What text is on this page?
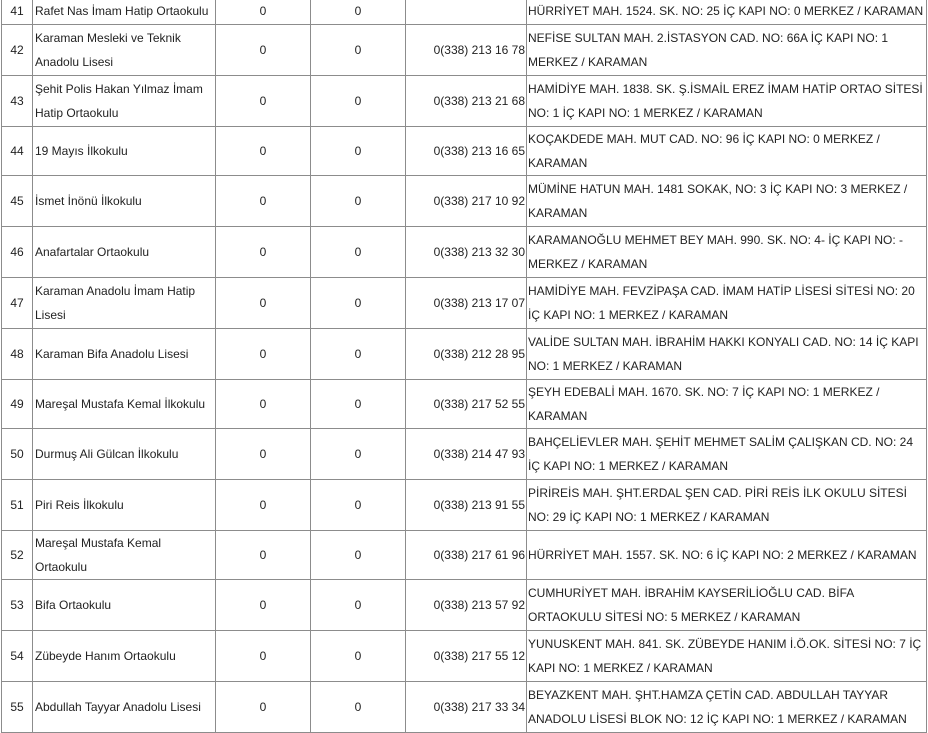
41	Rafet Nas İmam Hatip Ortaokulu	0	0		HÜRRİYET MAH. 1524. SK. NO: 25 İÇ KAPI NO: 0 MERKEZ / KARAMAN
42	Karaman Mesleki ve Teknik Anadolu Lisesi	0	0	0(338) 213 16 78	NEFİSE SULTAN MAH. 2.İSTASYON CAD. NO: 66A İÇ KAPI NO: 1 MERKEZ / KARAMAN
43	Şehit Polis Hakan Yılmaz İmam Hatip Ortaokulu	0	0	0(338) 213 21 68	HAMİDİYE MAH. 1838. SK. Ş.İSMAİL EREZ İMAM HATİP ORTAO SİTESİ NO: 1 İÇ KAPI NO: 1 MERKEZ / KARAMAN
44	19 Mayıs İlkokulu	0	0	0(338) 213 16 65	KOÇAKDEDE MAH. MUT CAD. NO: 96 İÇ KAPI NO: 0 MERKEZ / KARAMAN
45	İsmet İnönü İlkokulu	0	0	0(338) 217 10 92	MÜMİNE HATUN MAH. 1481 SOKAK, NO: 3 İÇ KAPI NO: 3 MERKEZ / KARAMAN
46	Anafartalar Ortaokulu	0	0	0(338) 213 32 30	KARAMANOĞLU MEHMET BEY MAH. 990. SK. NO: 4- İÇ KAPI NO: - MERKEZ / KARAMAN
47	Karaman Anadolu İmam Hatip Lisesi	0	0	0(338) 213 17 07	HAMİDİYE MAH. FEVZİPAŞA CAD. İMAM HATİP LİSESİ SİTESİ NO: 20 İÇ KAPI NO: 1 MERKEZ / KARAMAN
48	Karaman Bifa Anadolu Lisesi	0	0	0(338) 212 28 95	VALİDE SULTAN MAH. İBRAHİM HAKKI KONYALI CAD. NO: 14 İÇ KAPI NO: 1 MERKEZ / KARAMAN
49	Mareşal Mustafa Kemal İlkokulu	0	0	0(338) 217 52 55	ŞEYH EDEBALİ MAH. 1670. SK. NO: 7 İÇ KAPI NO: 1 MERKEZ / KARAMAN
50	Durmuş Ali Gülcan İlkokulu	0	0	0(338) 214 47 93	BAHÇELİEVLER MAH. ŞEHİT MEHMET SALİM ÇALIŞKAN CD. NO: 24 İÇ KAPI NO: 1 MERKEZ / KARAMAN
51	Piri Reis İlkokulu	0	0	0(338) 213 91 55	PİRİREİS MAH. ŞHT.ERDAL ŞEN CAD. PİRİ REİS İLK OKULU SİTESİ NO: 29 İÇ KAPI NO: 1 MERKEZ / KARAMAN
52	Mareşal Mustafa Kemal Ortaokulu	0	0	0(338) 217 61 96	HÜRRİYET MAH. 1557. SK. NO: 6 İÇ KAPI NO: 2 MERKEZ / KARAMAN
53	Bifa Ortaokulu	0	0	0(338) 213 57 92	CUMHURİYET MAH. İBRAHİM KAYSERİLİOĞLU CAD. BİFA ORTAOKULU SİTESİ NO: 5 MERKEZ / KARAMAN
54	Zübeyde Hanım Ortaokulu	0	0	0(338) 217 55 12	YUNUSKENT MAH. 841. SK. ZÜBEYDE HANIM İ.Ö.OK. SİTESİ NO: 7 İÇ KAPI NO: 1 MERKEZ / KARAMAN
55	Abdullah Tayyar Anadolu Lisesi	0	0	0(338) 217 33 34	BEYAZKENT MAH. ŞHT.HAMZA ÇETİN CAD. ABDULLAH TAYYAR ANADOLU LİSESİ BLOK NO: 12 İÇ KAPI NO: 1 MERKEZ / KARAMAN
